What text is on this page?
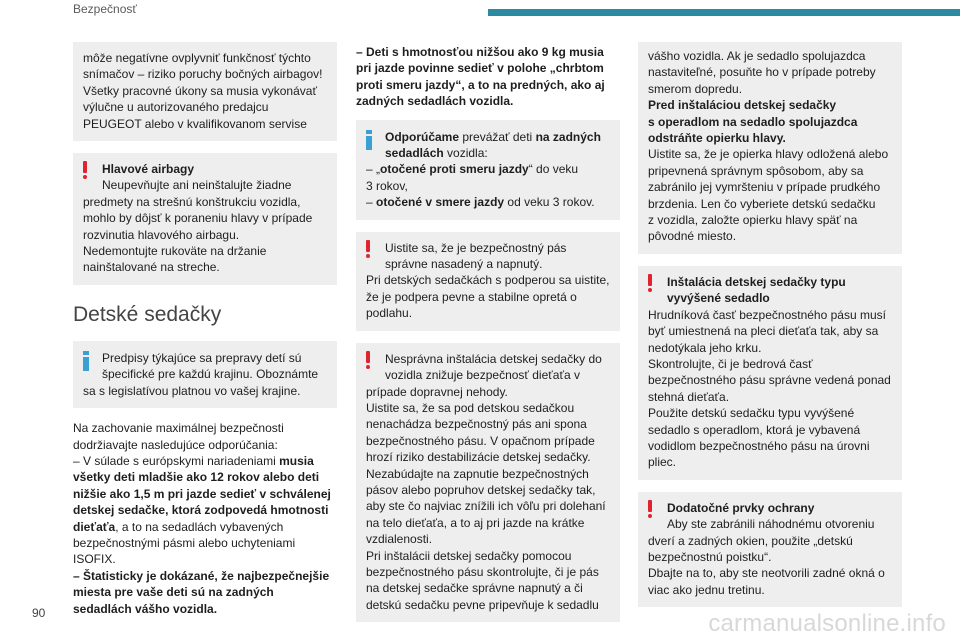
Bezpečnosť
môže negatívne ovplyvniť funkčnosť týchto
snímačov – riziko poruchy bočných airbagov!
Všetky pracovné úkony sa musia vykonávať
výlučne u autorizovaného predajcu
PEUGEOT alebo v kvalifikovanom servise
Hlavové airbagy
Neupevňujte ani neinštalujte žiadne
predmety na strešnú konštrukciu vozidla,
mohlo by dôjsť k poraneniu hlavy v prípade
rozvinutia hlavového airbagu.
Nedemontujte rukoväte na držanie
nainštalované na streche.
Detské sedačky
Predpisy týkajúce sa prepravy detí sú
špecifické pre každú krajinu. Oboznámte
sa s legislatívou platnou vo vašej krajine.
Na zachovanie maximálnej bezpečnosti
dodržiavajte nasledujúce odporúčania:
– V súlade s európskymi nariadeniami musia
všetky deti mladšie ako 12 rokov alebo deti
nižšie ako 1,5 m pri jazde sedieť v schválenej
detskej sedačke, ktorá zodpovedá hmotnosti
dieťaťa, a to na sedadlách vybavených
bezpečnostnými pásmi alebo uchyteniami
ISOFIX.
– Štatisticky je dokázané, že najbezpečnejšie
miesta pre vaše deti sú na zadných
sedadlách vášho vozidla.
– Deti s hmotnosťou nižšou ako 9 kg musia
pri jazde povinne sedieť v polohe „chrbtom
proti smeru jazdy“, a to na predných, ako aj
zadných sedadlách vozidla.
Odporúčame prevážať deti na zadných
sedadlách vozidla:
– „otočené proti smeru jazdy“ do veku
3 rokov,
– otočené v smere jazdy od veku 3 rokov.
Uistite sa, že je bezpečnostný pás
správne nasadený a napnutý.
Pri detských sedačkách s podperou sa uistite,
že je podpera pevne a stabilne opretá o
podlahu.
Nesprávna inštalácia detskej sedačky do
vozidla znižuje bezpečnosť dieťaťa v
prípade dopravnej nehody.
Uistite sa, že sa pod detskou sedačkou
nenachádza bezpečnostný pás ani spona
bezpečnostného pásu. V opačnom prípade
hrozí riziko destabilizácie detskej sedačky.
Nezabúdajte na zapnutie bezpečnostných
pásov alebo popruhov detskej sedačky tak,
aby ste čo najviac znížili ich vôľu pri dolehaní
na telo dieťaťa, a to aj pri jazde na krátke
vzdialenosti.
Pri inštalácii detskej sedačky pomocou
bezpečnostného pásu skontrolujte, či je pás
na detskej sedačke správne napnutý a či
detskú sedačku pevne pripevňuje k sedadlu
vášho vozidla. Ak je sedadlo spolujazdca
nastaviteľné, posuňte ho v prípade potreby
smerom dopredu.
Pred inštaláciou detskej sedačky
s operadlom na sedadlo spolujazdca
odstráňte opierku hlavy.
Uistite sa, že je opierka hlavy odložená alebo
pripevnená správnym spôsobom, aby sa
zabránilo jej vymršteniu v prípade prudkého
brzdenia. Len čo vyberiete detskú sedačku
z vozidla, založte opierku hlavy späť na
pôvodné miesto.
Inštalácia detskej sedačky typu
vyvýšené sedadlo
Hrudníková časť bezpečnostného pásu musí
byť umiestnená na pleci dieťaťa tak, aby sa
nedotýkala jeho krku.
Skontrolujte, či je bedrová časť
bezpečnostného pásu správne vedená ponad
stehná dieťaťa.
Použite detskú sedačku typu vyvýšené
sedadlo s operadlom, ktorá je vybavená
vodidlom bezpečnostného pásu na úrovni
pliec.
Dodatočné prvky ochrany
Aby ste zabránili náhodnému otvoreniu
dverí a zadných okien, použite „detskú
bezpečnostnú poistku“.
Dbajte na to, aby ste neotvorili zadné okná o
viac ako jednu tretinu.
90	carmanualsonline.info
